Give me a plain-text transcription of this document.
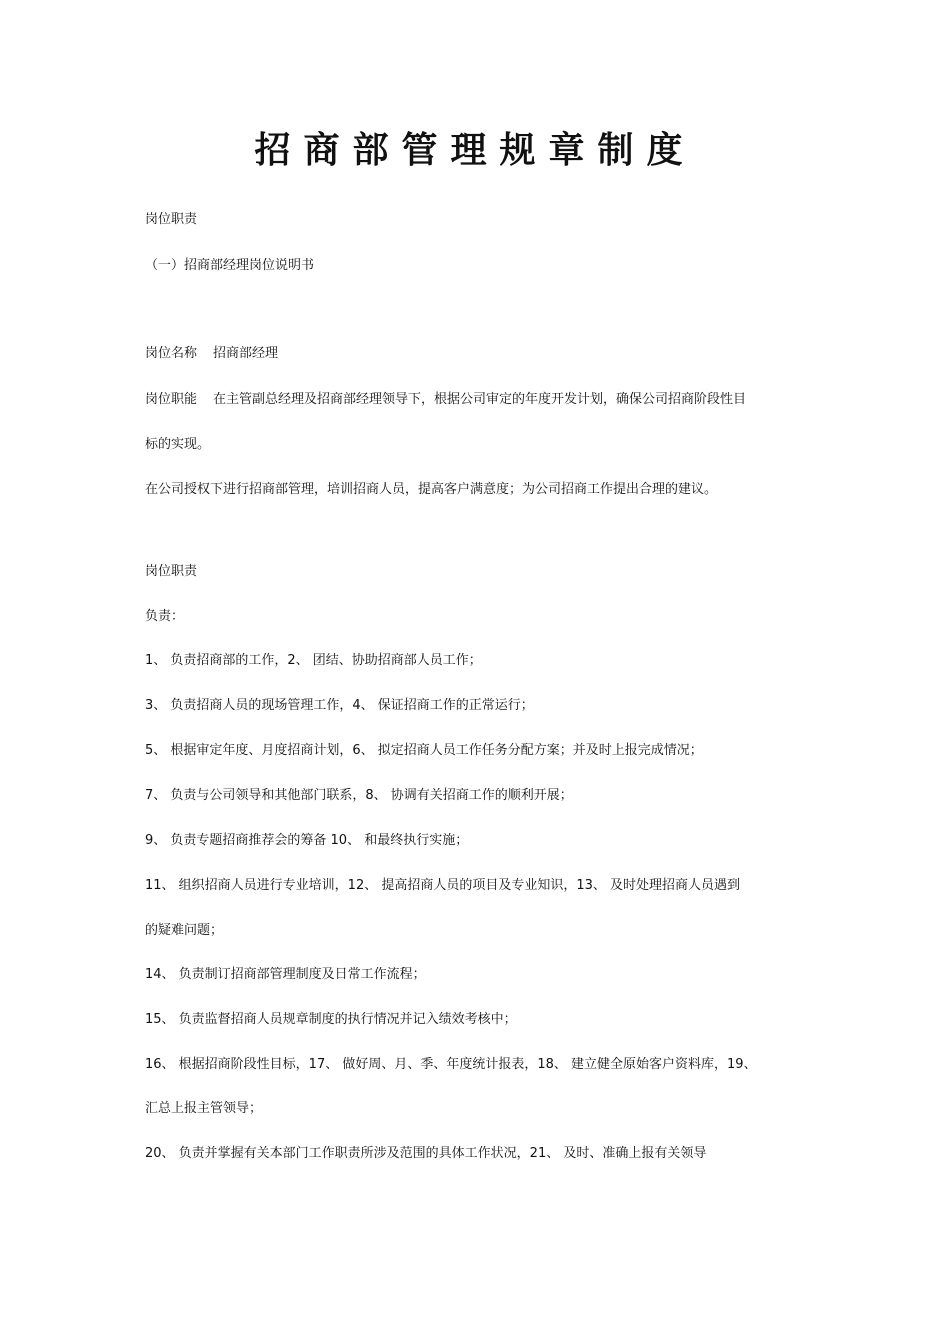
招商部管理规章制度
岗位职责
（一）招商部经理岗位说明书
岗位名称 招商部经理
岗位职能 在主管副总经理及招商部经理领导下，根据公司审定的年度开发计划，确保公司招商阶段性目
标的实现。
在公司授权下进行招商部管理，培训招商人员，提高客户满意度；为公司招商工作提出合理的建议。
岗位职责
负责：
1、 负责招商部的工作，2、 团结、协助招商部人员工作；
3、 负责招商人员的现场管理工作，4、 保证招商工作的正常运行；
5、 根据审定年度、月度招商计划，6、 拟定招商人员工作任务分配方案；并及时上报完成情况；
7、 负责与公司领导和其他部门联系，8、 协调有关招商工作的顺利开展；
9、 负责专题招商推荐会的筹备 10、 和最终执行实施；
11、 组织招商人员进行专业培训，12、 提高招商人员的项目及专业知识，13、 及时处理招商人员遇到
的疑难问题；
14、 负责制订招商部管理制度及日常工作流程；
15、 负责监督招商人员规章制度的执行情况并记入绩效考核中；
16、 根据招商阶段性目标，17、 做好周、月、季、年度统计报表，18、 建立健全原始客户资料库，19、
汇总上报主管领导；
20、 负责并掌握有关本部门工作职责所涉及范围的具体工作状况，21、 及时、准确上报有关领导
